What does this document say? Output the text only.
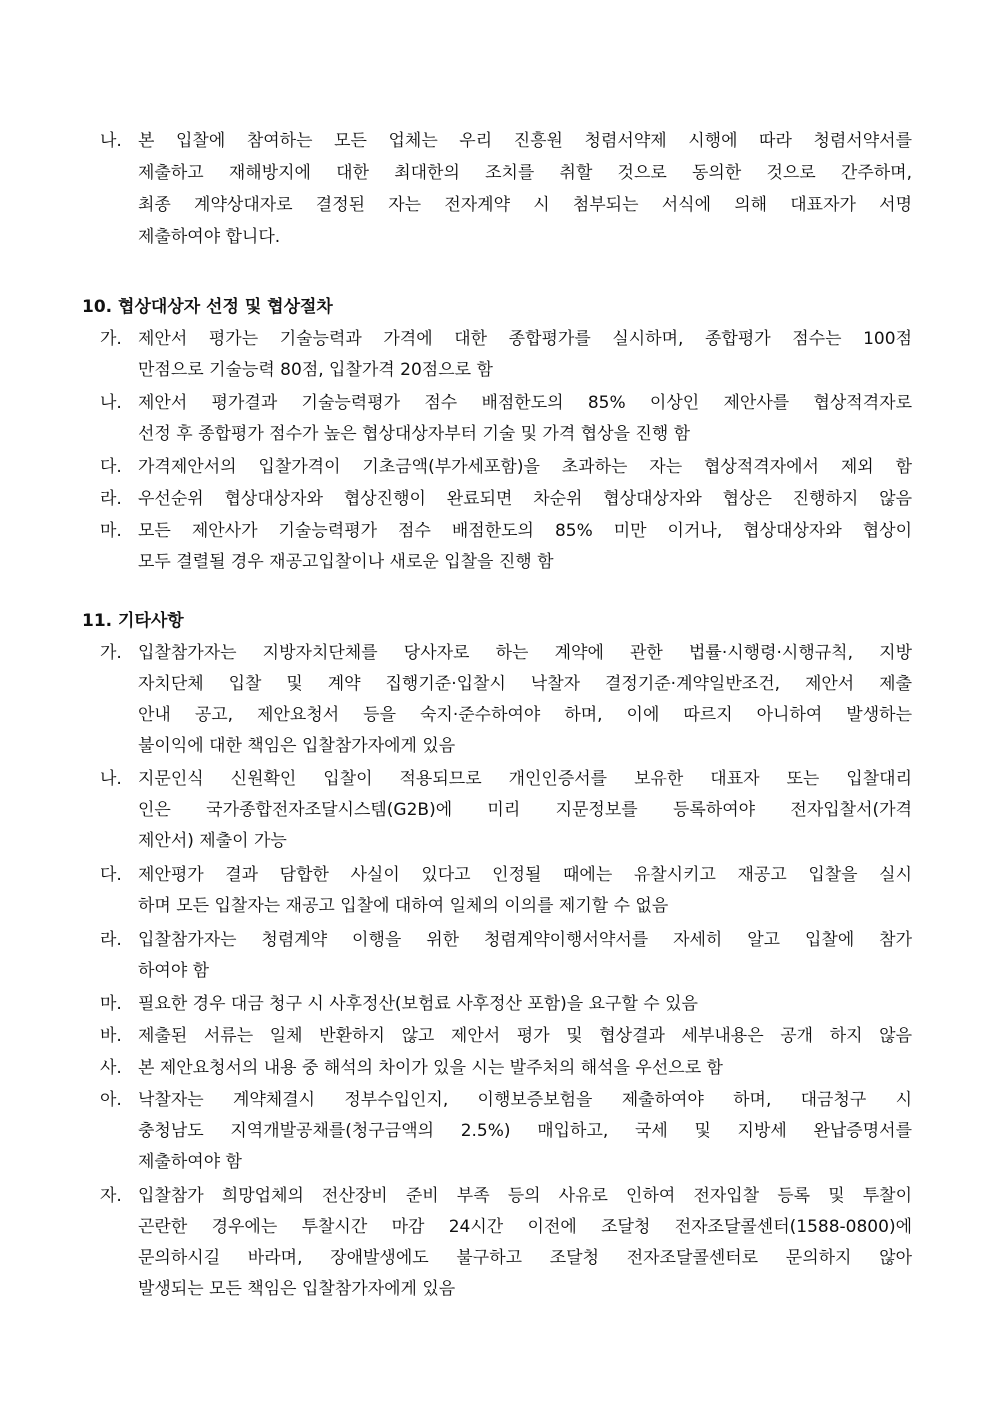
나. 본 입찰에 참여하는 모든 업체는 우리 진흥원 청렴서약제 시행에 따라 청렴서약서를
제출하고 재해방지에 대한 최대한의 조치를 취할 것으로 동의한 것으로 간주하며,
최종 계약상대자로 결정된 자는 전자계약 시 첨부되는 서식에 의해 대표자가 서명
제출하여야 합니다.
10. 협상대상자 선정 및 협상절차
가. 제안서 평가는 기술능력과 가격에 대한 종합평가를 실시하며, 종합평가 점수는 100점
만점으로 기술능력 80점, 입찰가격 20점으로 함
나. 제안서 평가결과 기술능력평가 점수 배점한도의 85% 이상인 제안사를 협상적격자로
선정 후 종합평가 점수가 높은 협상대상자부터 기술 및 가격 협상을 진행 함
다. 가격제안서의 입찰가격이 기초금액(부가세포함)을 초과하는 자는 협상적격자에서 제외 함
라. 우선순위 협상대상자와 협상진행이 완료되면 차순위 협상대상자와 협상은 진행하지 않음
마. 모든 제안사가 기술능력평가 점수 배점한도의 85% 미만 이거나, 협상대상자와 협상이
모두 결렬될 경우 재공고입찰이나 새로운 입찰을 진행 함
11. 기타사항
가. 입찰참가자는 지방자치단체를 당사자로 하는 계약에 관한 법률·시행령·시행규칙, 지방
자치단체 입찰 및 계약 집행기준·입찰시 낙찰자 결정기준·계약일반조건, 제안서 제출
안내 공고, 제안요청서 등을 숙지·준수하여야 하며, 이에 따르지 아니하여 발생하는
불이익에 대한 책임은 입찰참가자에게 있음
나. 지문인식 신원확인 입찰이 적용되므로 개인인증서를 보유한 대표자 또는 입찰대리
인은 국가종합전자조달시스템(G2B)에 미리 지문정보를 등록하여야 전자입찰서(가격
제안서) 제출이 가능
다. 제안평가 결과 담합한 사실이 있다고 인정될 때에는 유찰시키고 재공고 입찰을 실시
하며 모든 입찰자는 재공고 입찰에 대하여 일체의 이의를 제기할 수 없음
라. 입찰참가자는 청렴계약 이행을 위한 청렴계약이행서약서를 자세히 알고 입찰에 참가
하여야 함
마. 필요한 경우 대금 청구 시 사후정산(보험료 사후정산 포함)을 요구할 수 있음
바. 제출된 서류는 일체 반환하지 않고 제안서 평가 및 협상결과 세부내용은 공개 하지 않음
사. 본 제안요청서의 내용 중 해석의 차이가 있을 시는 발주처의 해석을 우선으로 함
아. 낙찰자는 계약체결시 정부수입인지, 이행보증보험을 제출하여야 하며, 대금청구 시
충청남도 지역개발공채를(청구금액의 2.5%) 매입하고, 국세 및 지방세 완납증명서를
제출하여야 함
자. 입찰참가 희망업체의 전산장비 준비 부족 등의 사유로 인하여 전자입찰 등록 및 투찰이
곤란한 경우에는 투찰시간 마감 24시간 이전에 조달청 전자조달콜센터(1588-0800)에
문의하시길 바라며, 장애발생에도 불구하고 조달청 전자조달콜센터로 문의하지 않아
발생되는 모든 책임은 입찰참가자에게 있음
